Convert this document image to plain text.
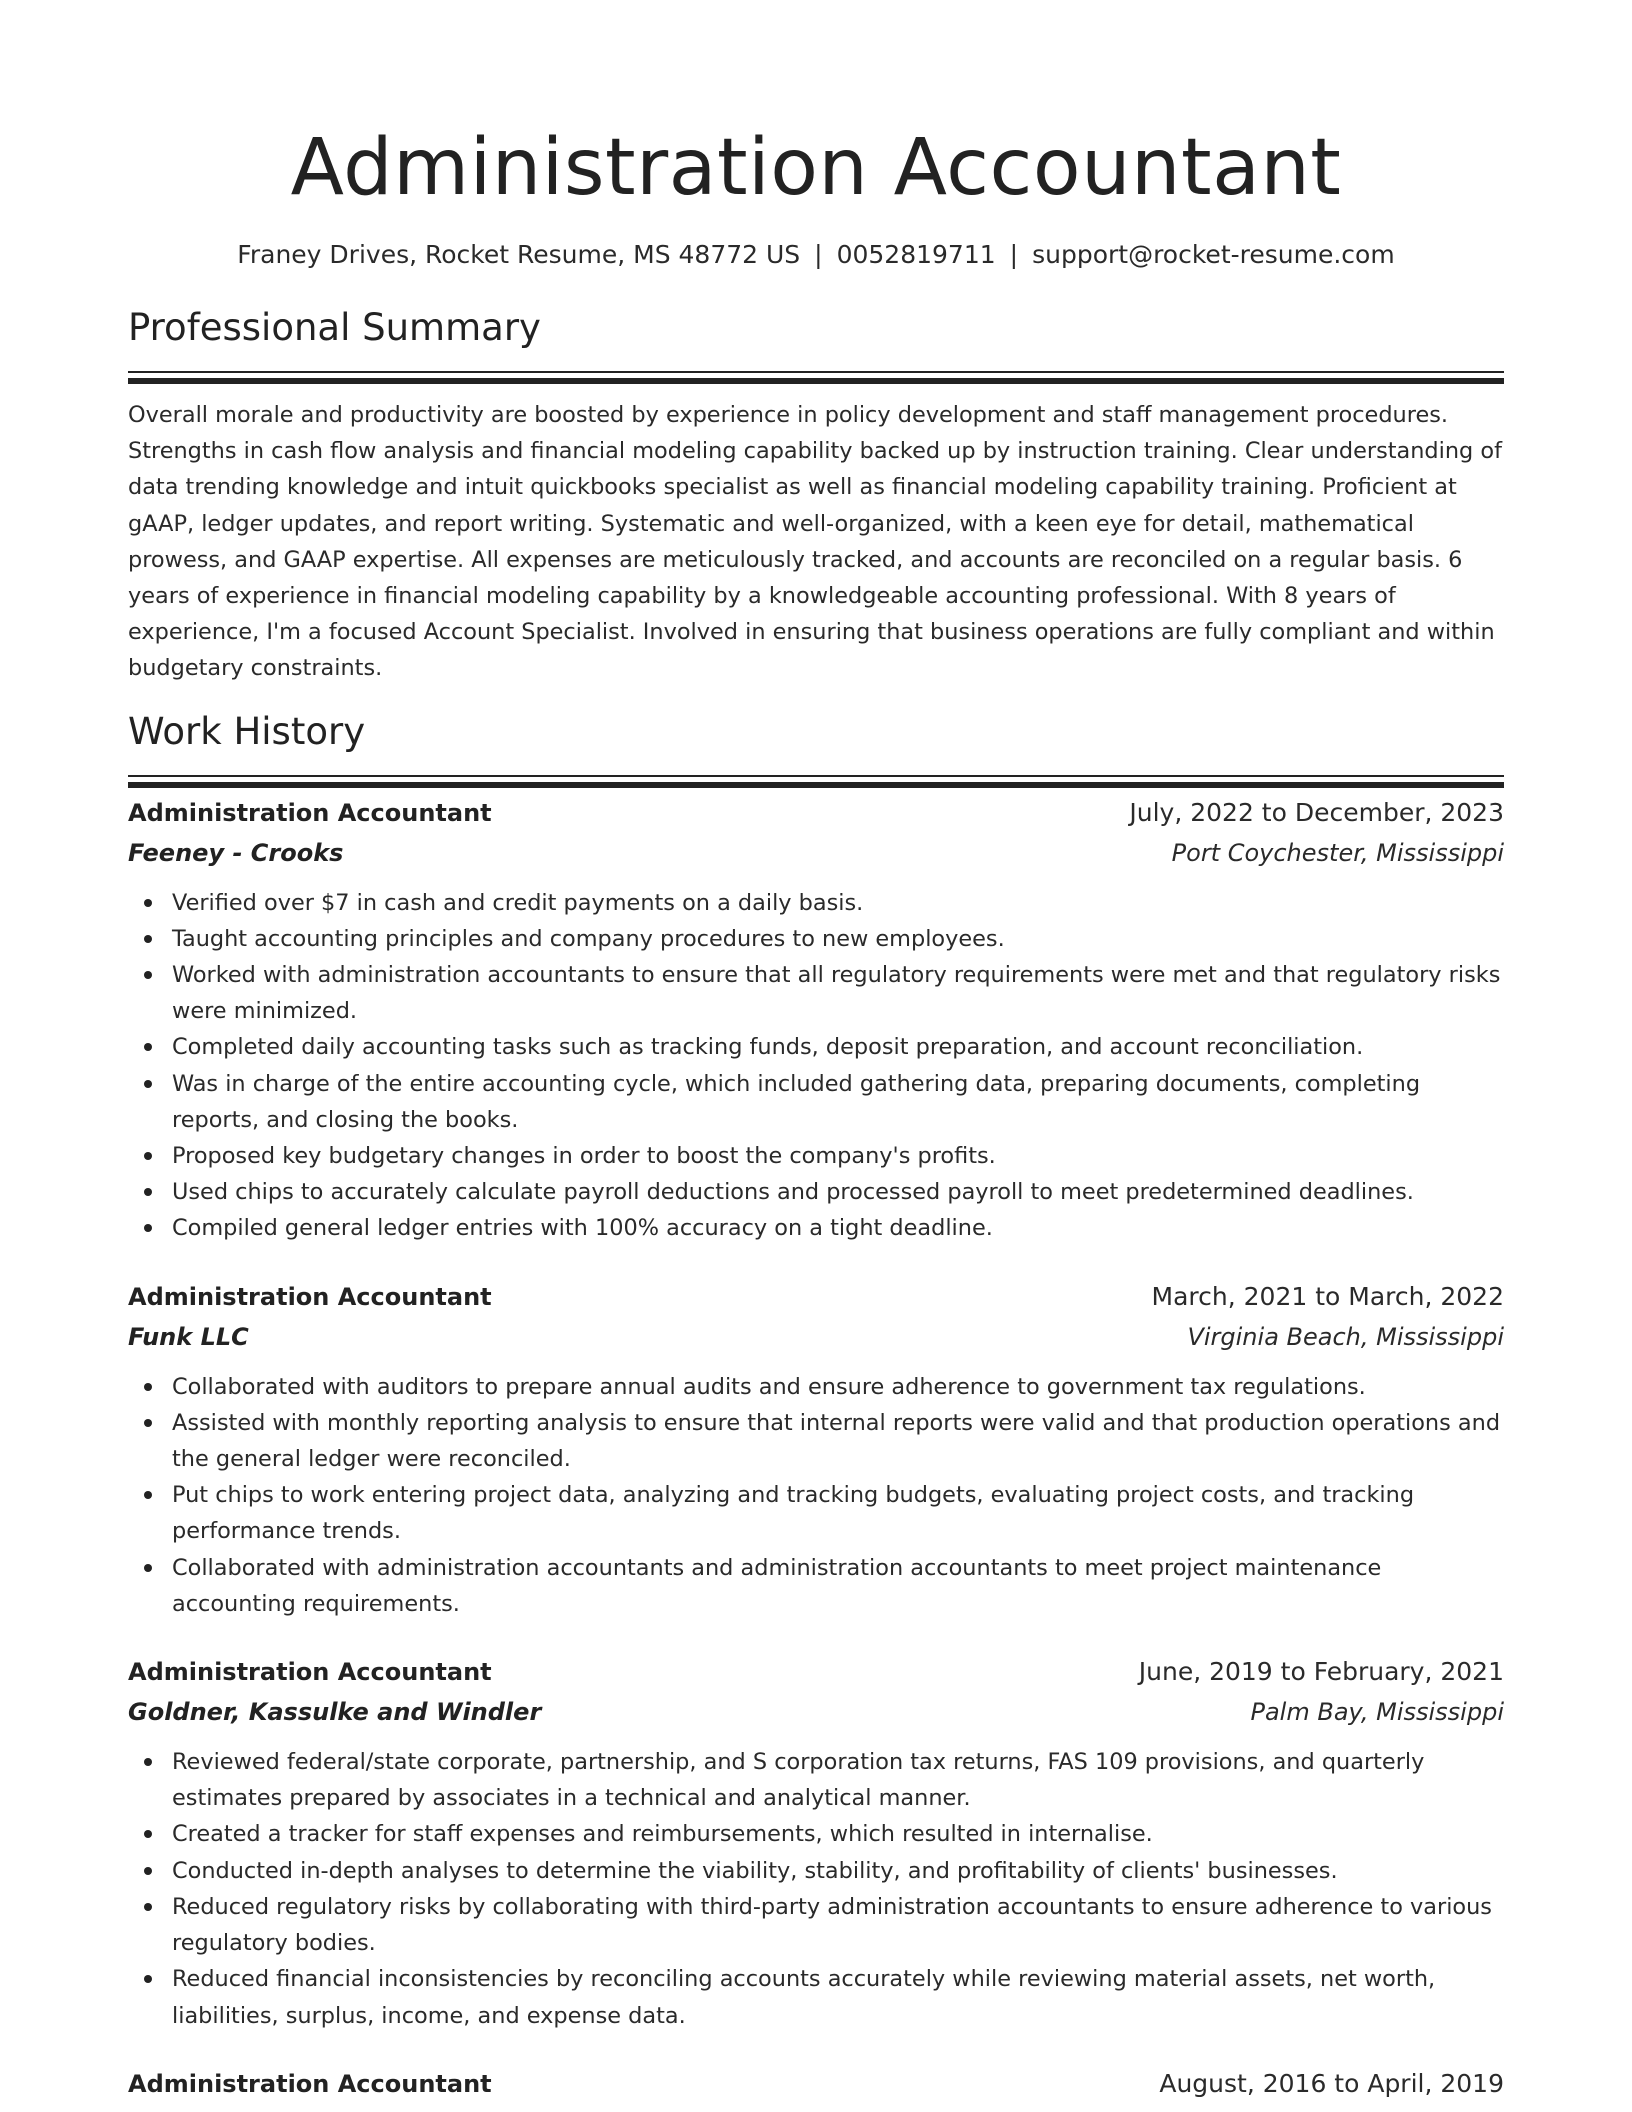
Administration Accountant
Franey Drives, Rocket Resume, MS 48772 US | 0052819711 | support@rocket-resume.com
Professional Summary
Overall morale and productivity are boosted by experience in policy development and staff management procedures. Strengths in cash flow analysis and financial modeling capability backed up by instruction training. Clear understanding of data trending knowledge and intuit quickbooks specialist as well as financial modeling capability training. Proficient at gAAP, ledger updates, and report writing. Systematic and well-organized, with a keen eye for detail, mathematical prowess, and GAAP expertise. All expenses are meticulously tracked, and accounts are reconciled on a regular basis. 6 years of experience in financial modeling capability by a knowledgeable accounting professional. With 8 years of experience, I'm a focused Account Specialist. Involved in ensuring that business operations are fully compliant and within budgetary constraints.
Work History
Administration Accountant	July, 2022 to December, 2023
Feeney - Crooks	Port Coychester, Mississippi
Verified over $7 in cash and credit payments on a daily basis.
Taught accounting principles and company procedures to new employees.
Worked with administration accountants to ensure that all regulatory requirements were met and that regulatory risks were minimized.
Completed daily accounting tasks such as tracking funds, deposit preparation, and account reconciliation.
Was in charge of the entire accounting cycle, which included gathering data, preparing documents, completing reports, and closing the books.
Proposed key budgetary changes in order to boost the company's profits.
Used chips to accurately calculate payroll deductions and processed payroll to meet predetermined deadlines.
Compiled general ledger entries with 100% accuracy on a tight deadline.
Administration Accountant	March, 2021 to March, 2022
Funk LLC	Virginia Beach, Mississippi
Collaborated with auditors to prepare annual audits and ensure adherence to government tax regulations.
Assisted with monthly reporting analysis to ensure that internal reports were valid and that production operations and the general ledger were reconciled.
Put chips to work entering project data, analyzing and tracking budgets, evaluating project costs, and tracking performance trends.
Collaborated with administration accountants and administration accountants to meet project maintenance accounting requirements.
Administration Accountant	June, 2019 to February, 2021
Goldner, Kassulke and Windler	Palm Bay, Mississippi
Reviewed federal/state corporate, partnership, and S corporation tax returns, FAS 109 provisions, and quarterly estimates prepared by associates in a technical and analytical manner.
Created a tracker for staff expenses and reimbursements, which resulted in internalise.
Conducted in-depth analyses to determine the viability, stability, and profitability of clients' businesses.
Reduced regulatory risks by collaborating with third-party administration accountants to ensure adherence to various regulatory bodies.
Reduced financial inconsistencies by reconciling accounts accurately while reviewing material assets, net worth, liabilities, surplus, income, and expense data.
Administration Accountant	August, 2016 to April, 2019
